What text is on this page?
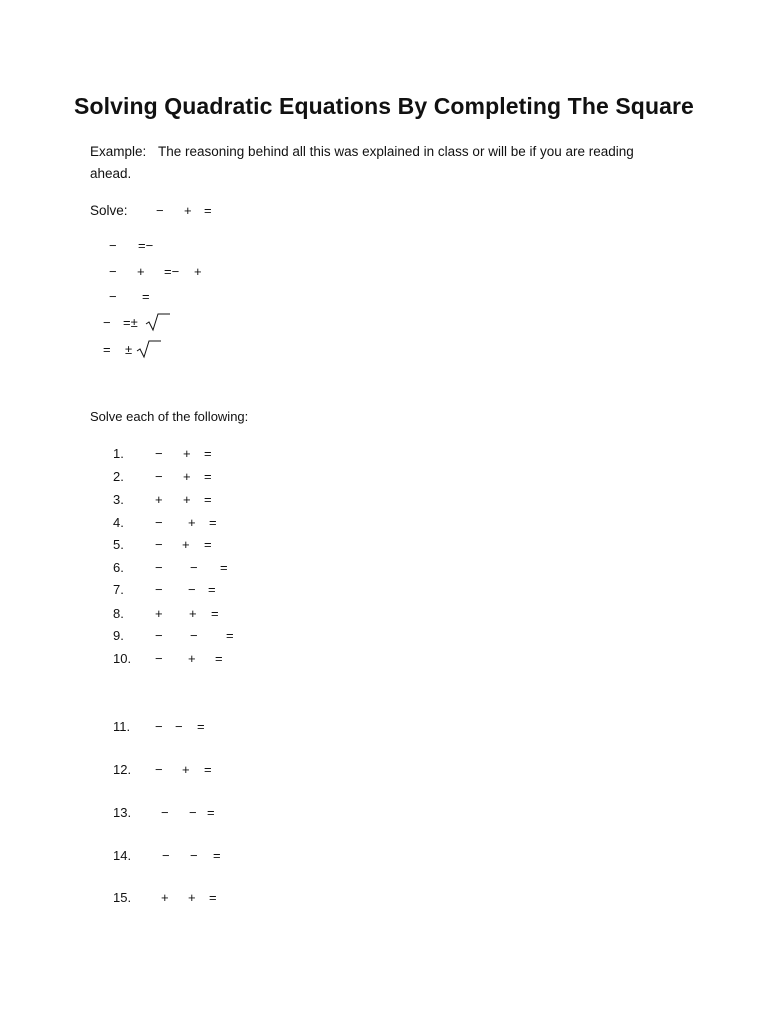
Solving Quadratic Equations By Completing The Square
Example: The reasoning behind all this was explained in class or will be if you are reading
ahead.
Solve: − + =
− =−
− + =− +
− =
− =±
= ±
Solve each of the following:
1. − + =
2. − + =
3. + + =
4. − + =
5. − + =
6. − − =
7. − − =
8. + + =
9. − − =
10. − + =
11. − − =
12. − + =
13. − − =
14. − − =
15. + + =
